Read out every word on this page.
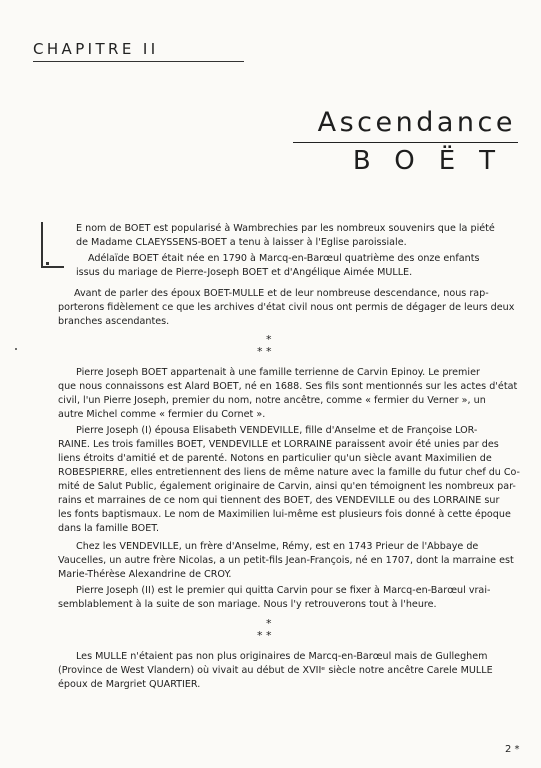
CHAPITRE II
Ascendance
BOËT
E nom de BOET est popularisé à Wambrechies par les nombreux souvenirs que la piété
de Madame CLAEYSSENS-BOET a tenu à laisser à l'Eglise paroissiale.
Adélaïde BOET était née en 1790 à Marcq-en-Barœul quatrième des onze enfants
issus du mariage de Pierre-Joseph BOET et d'Angélique Aimée MULLE.
Avant de parler des époux BOET-MULLE et de leur nombreuse descendance, nous rap-
porterons fidèlement ce que les archives d'état civil nous ont permis de dégager de leurs deux
branches ascendantes.
*
* *
Pierre Joseph BOET appartenait à une famille terrienne de Carvin Epinoy. Le premier
que nous connaissons est Alard BOET, né en 1688. Ses fils sont mentionnés sur les actes d'état
civil, l'un Pierre Joseph, premier du nom, notre ancêtre, comme « fermier du Verner », un
autre Michel comme « fermier du Cornet ».
Pierre Joseph (I) épousa Elisabeth VENDEVILLE, fille d'Anselme et de Françoise LOR-
RAINE. Les trois familles BOET, VENDEVILLE et LORRAINE paraissent avoir été unies par des
liens étroits d'amitié et de parenté. Notons en particulier qu'un siècle avant Maximilien de
ROBESPIERRE, elles entretiennent des liens de même nature avec la famille du futur chef du Co-
mité de Salut Public, également originaire de Carvin, ainsi qu'en témoignent les nombreux par-
rains et marraines de ce nom qui tiennent des BOET, des VENDEVILLE ou des LORRAINE sur
les fonts baptismaux. Le nom de Maximilien lui-même est plusieurs fois donné à cette époque
dans la famille BOET.
Chez les VENDEVILLE, un frère d'Anselme, Rémy, est en 1743 Prieur de l'Abbaye de
Vaucelles, un autre frère Nicolas, a un petit-fils Jean-François, né en 1707, dont la marraine est
Marie-Thérèse Alexandrine de CROY.
Pierre Joseph (II) est le premier qui quitta Carvin pour se fixer à Marcq-en-Barœul vrai-
semblablement à la suite de son mariage. Nous l'y retrouverons tout à l'heure.
*
* *
Les MULLE n'étaient pas non plus originaires de Marcq-en-Barœul mais de Gulleghem
(Province de West Vlandern) où vivait au début de XVIIᵉ siècle notre ancêtre Carele MULLE
époux de Margriet QUARTIER.
2 *
